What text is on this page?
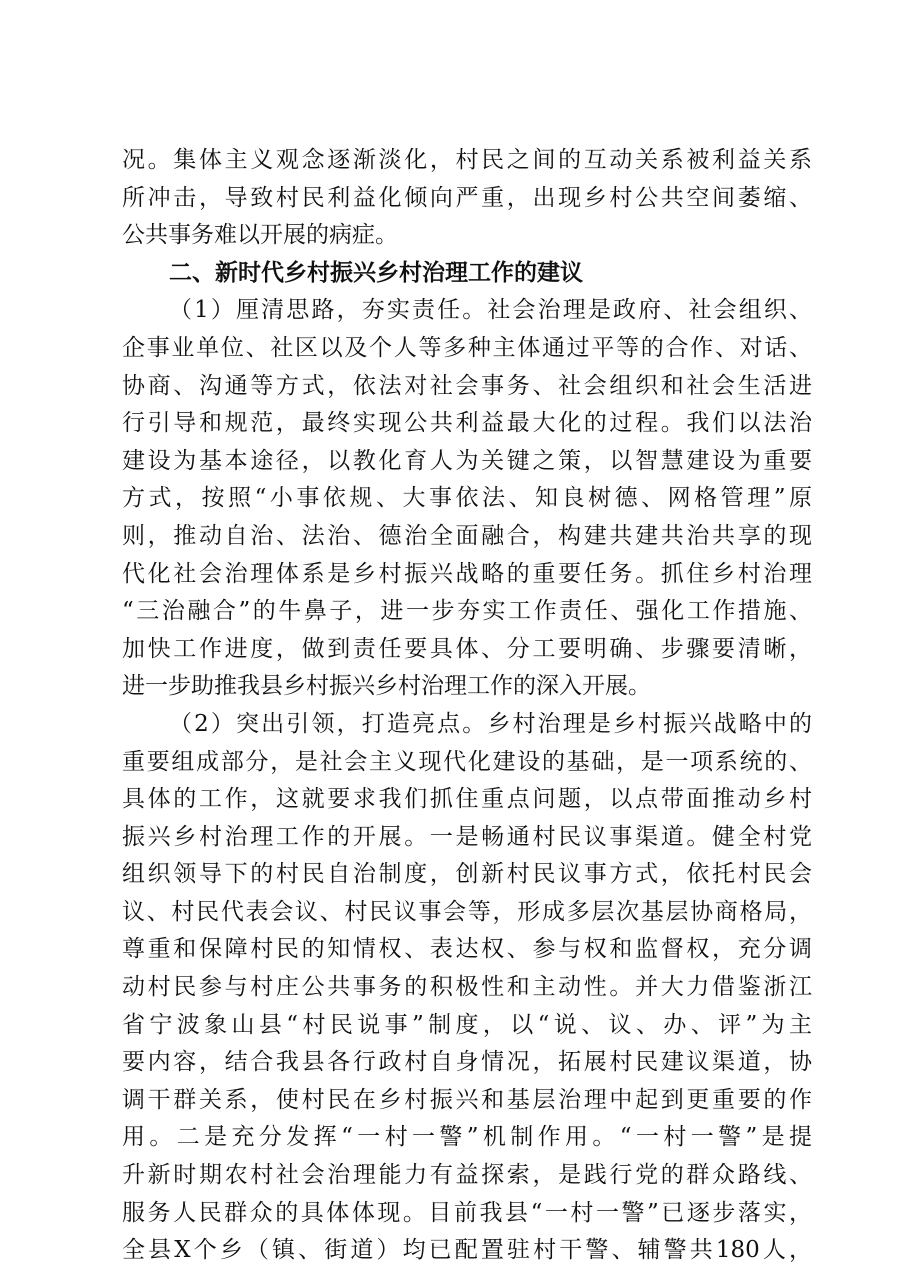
况。集体主义观念逐渐淡化，村民之间的互动关系被利益关系
所冲击，导致村民利益化倾向严重，出现乡村公共空间萎缩、
公共事务难以开展的病症。
二、新时代乡村振兴乡村治理工作的建议
（1）厘清思路，夯实责任。社会治理是政府、社会组织、
企事业单位、社区以及个人等多种主体通过平等的合作、对话、
协商、沟通等方式，依法对社会事务、社会组织和社会生活进
行引导和规范，最终实现公共利益最大化的过程。我们以法治
建设为基本途径，以教化育人为关键之策，以智慧建设为重要
方式，按照“小事依规、大事依法、知良树德、网格管理”原
则，推动自治、法治、德治全面融合，构建共建共治共享的现
代化社会治理体系是乡村振兴战略的重要任务。抓住乡村治理
“三治融合”的牛鼻子，进一步夯实工作责任、强化工作措施、
加快工作进度，做到责任要具体、分工要明确、步骤要清晰，
进一步助推我县乡村振兴乡村治理工作的深入开展。
（2）突出引领，打造亮点。乡村治理是乡村振兴战略中的
重要组成部分，是社会主义现代化建设的基础，是一项系统的、
具体的工作，这就要求我们抓住重点问题，以点带面推动乡村
振兴乡村治理工作的开展。一是畅通村民议事渠道。健全村党
组织领导下的村民自治制度，创新村民议事方式，依托村民会
议、村民代表会议、村民议事会等，形成多层次基层协商格局，
尊重和保障村民的知情权、表达权、参与权和监督权，充分调
动村民参与村庄公共事务的积极性和主动性。并大力借鉴浙江
省宁波象山县“村民说事”制度，以“说、议、办、评”为主
要内容，结合我县各行政村自身情况，拓展村民建议渠道，协
调干群关系，使村民在乡村振兴和基层治理中起到更重要的作
用。二是充分发挥“一村一警”机制作用。“一村一警”是提
升新时期农村社会治理能力有益探索，是践行党的群众路线、
服务人民群众的具体体现。目前我县“一村一警”已逐步落实，
全县X个乡（镇、街道）均已配置驻村干警、辅警共180人，
